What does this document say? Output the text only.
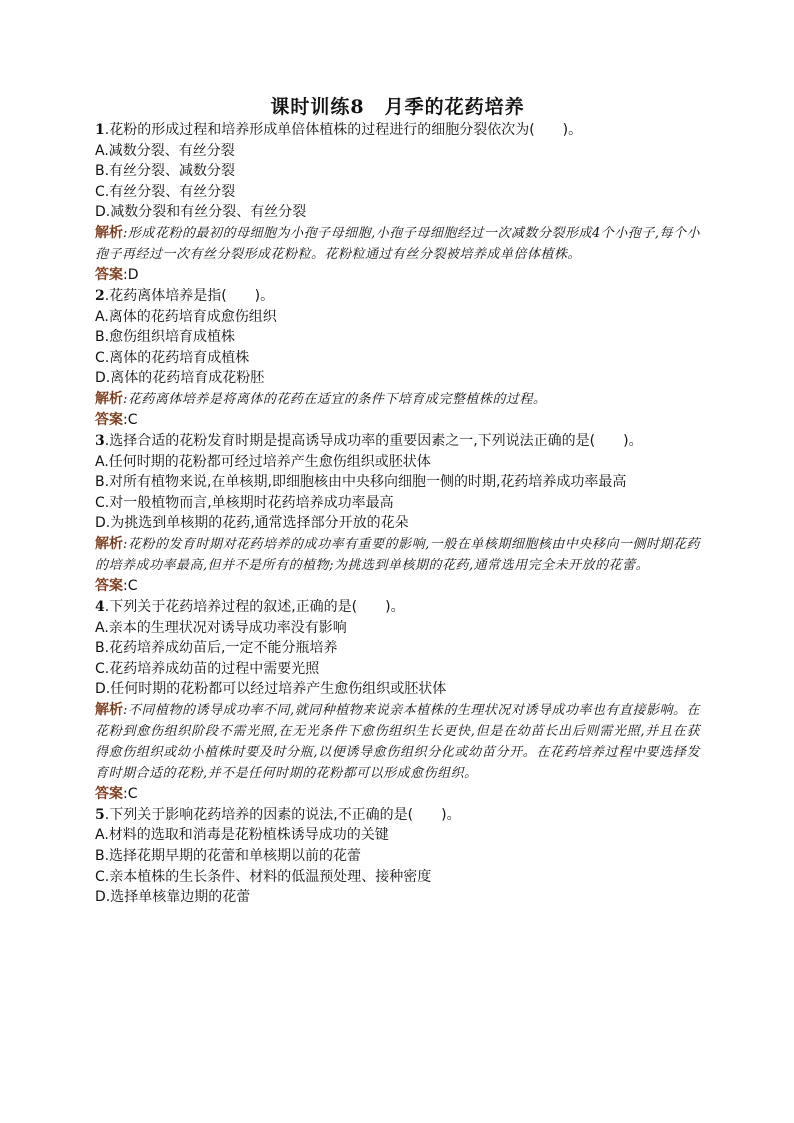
课时训练8　月季的花药培养
1.花粉的形成过程和培养形成单倍体植株的过程进行的细胞分裂依次为(　　)。
A.减数分裂、有丝分裂
B.有丝分裂、减数分裂
C.有丝分裂、有丝分裂
D.减数分裂和有丝分裂、有丝分裂
解析:形成花粉的最初的母细胞为小孢子母细胞,小孢子母细胞经过一次减数分裂形成4个小孢子,每个小孢子再经过一次有丝分裂形成花粉粒。花粉粒通过有丝分裂被培养成单倍体植株。
答案:D
2.花药离体培养是指(　　)。
A.离体的花药培育成愈伤组织
B.愈伤组织培育成植株
C.离体的花药培育成植株
D.离体的花药培育成花粉胚
解析:花药离体培养是将离体的花药在适宜的条件下培育成完整植株的过程。
答案:C
3.选择合适的花粉发育时期是提高诱导成功率的重要因素之一,下列说法正确的是(　　)。
A.任何时期的花粉都可经过培养产生愈伤组织或胚状体
B.对所有植物来说,在单核期,即细胞核由中央移向细胞一侧的时期,花药培养成功率最高
C.对一般植物而言,单核期时花药培养成功率最高
D.为挑选到单核期的花药,通常选择部分开放的花朵
解析:花粉的发育时期对花药培养的成功率有重要的影响,一般在单核期细胞核由中央移向一侧时期花药的培养成功率最高,但并不是所有的植物;为挑选到单核期的花药,通常选用完全未开放的花蕾。
答案:C
4.下列关于花药培养过程的叙述,正确的是(　　)。
A.亲本的生理状况对诱导成功率没有影响
B.花药培养成幼苗后,一定不能分瓶培养
C.花药培养成幼苗的过程中需要光照
D.任何时期的花粉都可以经过培养产生愈伤组织或胚状体
解析:不同植物的诱导成功率不同,就同种植物来说亲本植株的生理状况对诱导成功率也有直接影响。在花粉到愈伤组织阶段不需光照,在无光条件下愈伤组织生长更快,但是在幼苗长出后则需光照,并且在获得愈伤组织或幼小植株时要及时分瓶,以便诱导愈伤组织分化或幼苗分开。在花药培养过程中要选择发育时期合适的花粉,并不是任何时期的花粉都可以形成愈伤组织。
答案:C
5.下列关于影响花药培养的因素的说法,不正确的是(　　)。
A.材料的选取和消毒是花粉植株诱导成功的关键
B.选择花期早期的花蕾和单核期以前的花蕾
C.亲本植株的生长条件、材料的低温预处理、接种密度
D.选择单核靠边期的花蕾
